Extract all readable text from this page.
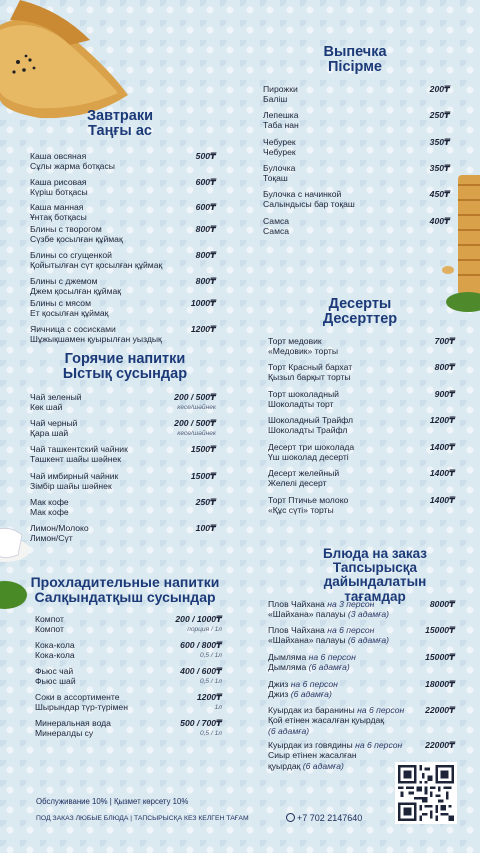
Завтраки
Таңғы ас
Каша овсяная
Сұлы жарма ботқасы
500₸
Каша рисовая
Күріш ботқасы
600₸
Каша манная
Ұнтақ ботқасы
600₸
Блины с творогом
Сүзбе қосылған құймақ
800₸
Блины со сгущенкой
Қойытылған сүт қосылған құймақ
800₸
Блины с джемом
Джем қосылған құймақ
800₸
Блины с мясом
Ет қосылған құймақ
1000₸
Яичница с сосисками
Шұжықшамен қуырылған уыздық
1200₸
Выпечка
Пісірме
Пирожки
Баліш
200₸
Лепешка
Таба нан
250₸
Чебурек
Чебурек
350₸
Булочка
Тоқаш
350₸
Булочка с начинкой
Салындысы бар тоқаш
450₸
Самса
Самса
400₸
Горячие напитки
Ыстық сусындар
Чай зеленый
Көк шай
200 / 500₸
кесе/шәйнек
Чай черный
Қара шай
200 / 500₸
кесе/шәйнек
Чай ташкентский чайник
Ташкент шайы шәйнек
1500₸
Чай имбирный чайник
Зімбір шайы шәйнек
1500₸
Мак кофе
Мак кофе
250₸
Лимон/Молоко
Лимон/Сүт
100₸
Десерты
Десерттер
Торт медовик
«Медовик» торты
700₸
Торт Красный бархат
Қызыл барқыт торты
800₸
Торт шоколадный
Шоколадты торт
900₸
Шоколадный Трайфл
Шоколадты Трайфл
1200₸
Десерт три шоколада
Үш шоколад десерті
1400₸
Десерт желейный
Желелі десерт
1400₸
Торт Птичье молоко
«Құс сүті» торты
1400₸
Прохладительные напитки
Салқындатқыш сусындар
Компот
Компот
200 / 1000₸
порция / 1л
Кока-кола
Кока-кола
600 / 800₸
0,5 / 1л
Фьюс чай
Фьюс шай
400 / 600₸
0,5 / 1л
Соки в ассортименте
Шырындар түр-түрімен
1200₸
1л
Минеральная вода
Минералды су
500 / 700₸
0,5 / 1л
Блюда на заказ
Тапсырысқа дайындалатын
тағамдар
Плов Чайхана на 3 персон
«Шайхана» палауы (3 адамға)
8000₸
Плов Чайхана на 6 персон
«Шайхана» палауы (6 адамға)
15000₸
Дымляма на 6 персон
Дымляма (6 адамға)
15000₸
Джиз на 6 персон
Джиз (6 адамға)
18000₸
Куырдак из баранины на 6 персон
Қой етінен жасалған қуырдақ
(6 адамға)
22000₸
Куырдак из говядины на 6 персон
Сиыр етінен жасалған
қуырдақ (6 адамға)
22000₸
Обслуживание 10% | Қызмет көрсету 10%
ПОД ЗАКАЗ ЛЮБЫЕ БЛЮДА | ТАПСЫРЫСҚА КЕЗ КЕЛГЕН ТАҒАМ	+7 702 2147640
